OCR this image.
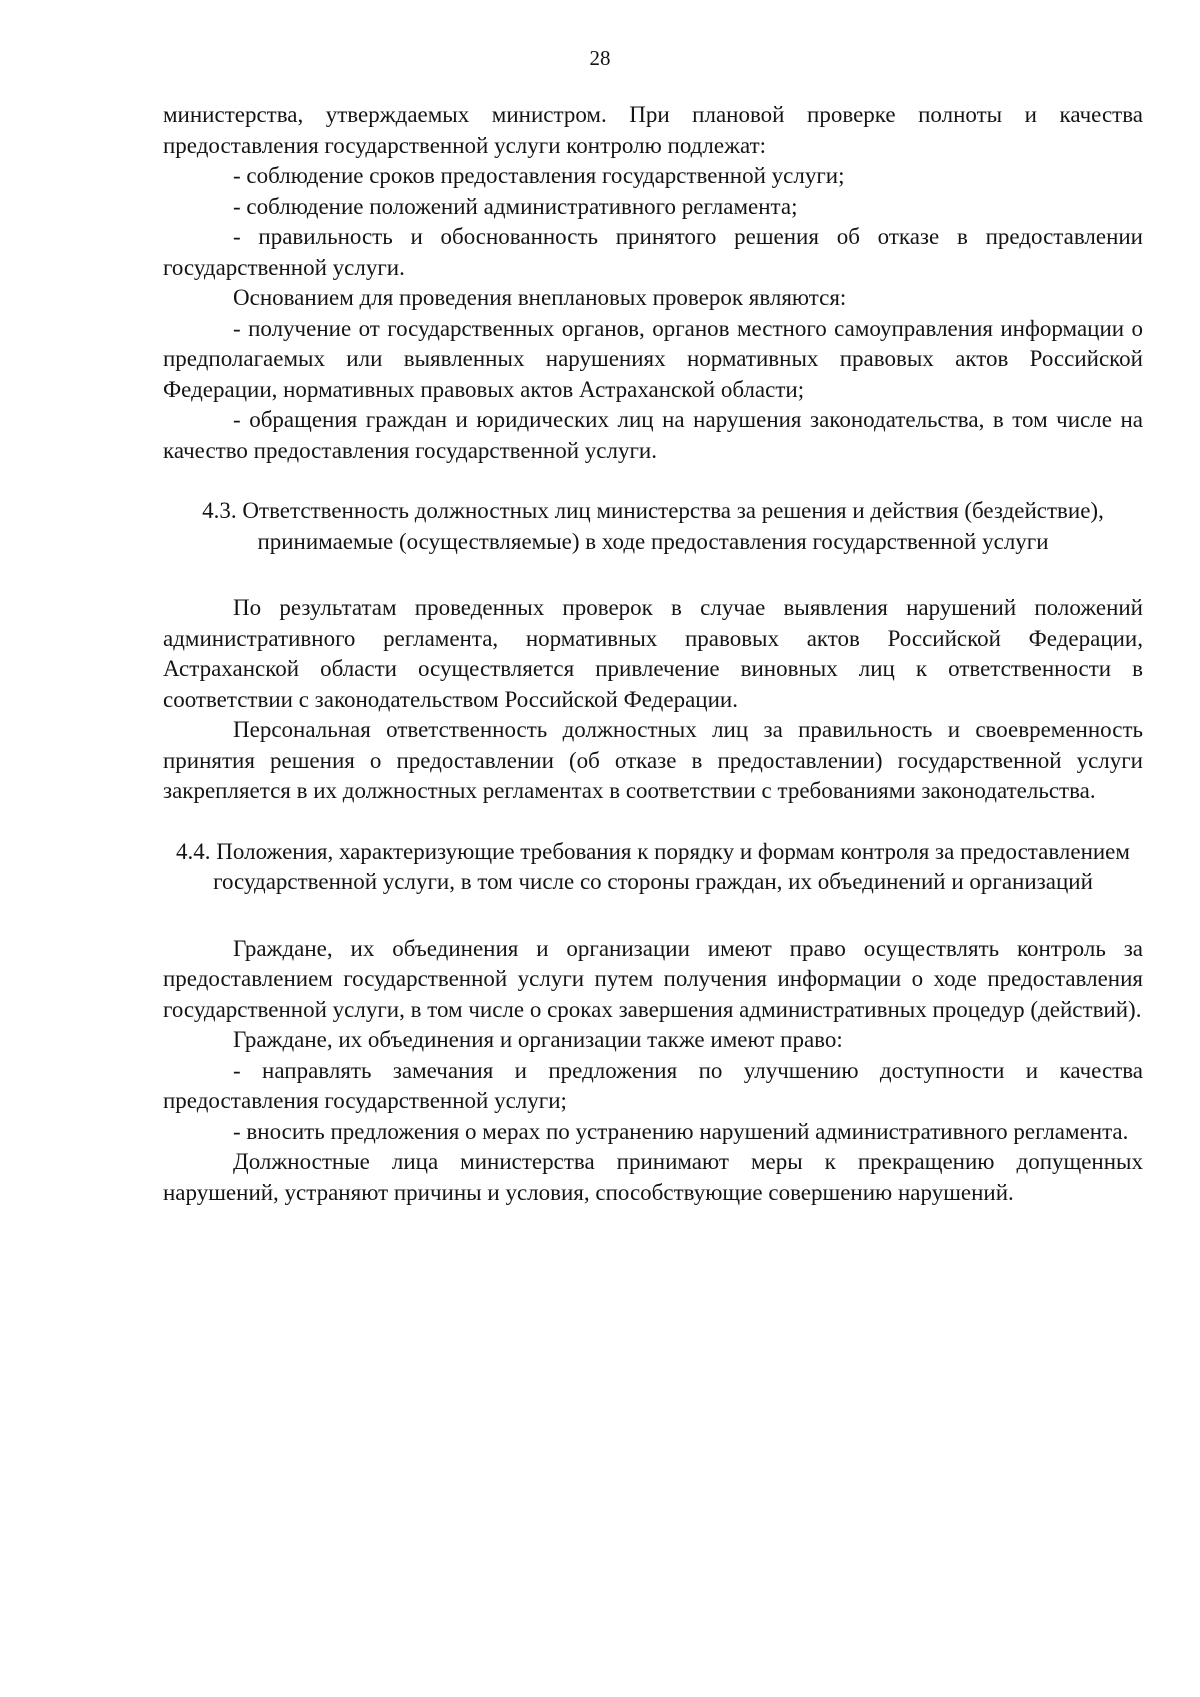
28

министерства, утверждаемых министром. При плановой проверке полноты и качества предоставления государственной услуги контролю подлежат:

- соблюдение сроков предоставления государственной услуги;

- соблюдение положений административного регламента;

- правильность и обоснованность принятого решения об отказе в предоставлении государственной услуги.

Основанием для проведения внеплановых проверок являются:

- получение от государственных органов, органов местного самоуправления информации о предполагаемых или выявленных нарушениях нормативных правовых актов Российской Федерации, нормативных правовых актов Астраханской области;

- обращения граждан и юридических лиц на нарушения законодательства, в том числе на качество предоставления государственной услуги.

4.3. Ответственность должностных лиц министерства за решения и действия (бездействие), принимаемые (осуществляемые) в ходе предоставления государственной услуги

По результатам проведенных проверок в случае выявления нарушений положений административного регламента, нормативных правовых актов Российской Федерации, Астраханской области осуществляется привлечение виновных лиц к ответственности в соответствии с законодательством Российской Федерации.

Персональная ответственность должностных лиц за правильность и своевременность принятия решения о предоставлении (об отказе в предоставлении) государственной услуги закрепляется в их должностных регламентах в соответствии с требованиями законодательства.

4.4. Положения, характеризующие требования к порядку и формам контроля за предоставлением государственной услуги, в том числе со стороны граждан, их объединений и организаций

Граждане, их объединения и организации имеют право осуществлять контроль за предоставлением государственной услуги путем получения информации о ходе предоставления государственной услуги, в том числе о сроках завершения административных процедур (действий).

Граждане, их объединения и организации также имеют право:

- направлять замечания и предложения по улучшению доступности и качества предоставления государственной услуги;

- вносить предложения о мерах по устранению нарушений административного регламента.

Должностные лица министерства принимают меры к прекращению допущенных нарушений, устраняют причины и условия, способствующие совершению нарушений.
